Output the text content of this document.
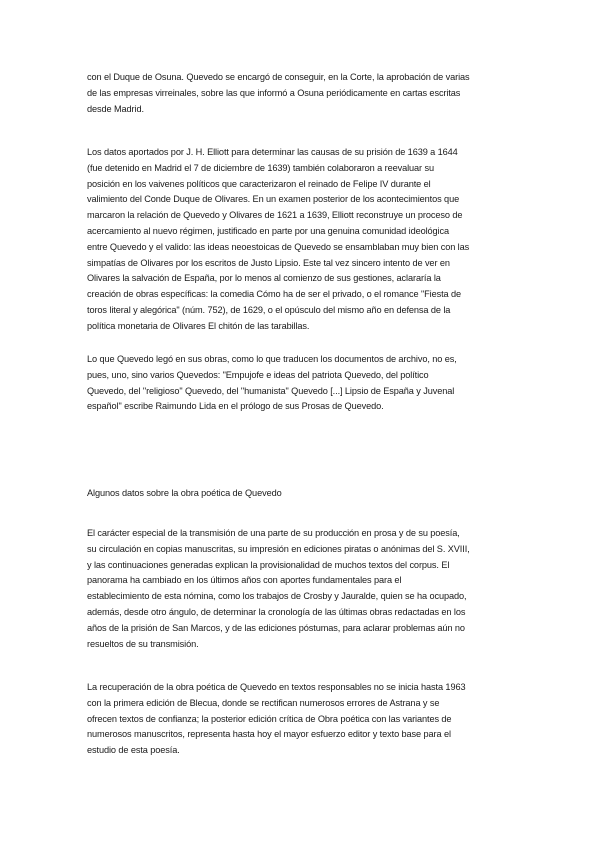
con el Duque de Osuna. Quevedo se encargó de conseguir, en la Corte, la aprobación de varias
de las empresas virreinales, sobre las que informó a Osuna periódicamente en cartas escritas
desde Madrid.

Los datos aportados por J. H. Elliott para determinar las causas de su prisión de 1639 a 1644
(fue detenido en Madrid el 7 de diciembre de 1639) también colaboraron a reevaluar su
posición en los vaivenes políticos que caracterizaron el reinado de Felipe IV durante el
valimiento del Conde Duque de Olivares. En un examen posterior de los acontecimientos que
marcaron la relación de Quevedo y Olivares de 1621 a 1639, Elliott reconstruye un proceso de
acercamiento al nuevo régimen, justificado en parte por una genuina comunidad ideológica
entre Quevedo y el valido: las ideas neoestoicas de Quevedo se ensamblaban muy bien con las
simpatías de Olivares por los escritos de Justo Lipsio. Este tal vez sincero intento de ver en
Olivares la salvación de España, por lo menos al comienzo de sus gestiones, aclararía la
creación de obras específicas: la comedia Cómo ha de ser el privado, o el romance "Fiesta de
toros literal y alegórica" (núm. 752), de 1629, o el opúsculo del mismo año en defensa de la
política monetaria de Olivares El chitón de las tarabillas.

Lo que Quevedo legó en sus obras, como lo que traducen los documentos de archivo, no es,
pues, uno, sino varios Quevedos: "Empujofe e ideas del patriota Quevedo, del político
Quevedo, del "religioso" Quevedo, del "humanista" Quevedo [...] Lipsio de España y Juvenal
español" escribe Raimundo Lida en el prólogo de sus Prosas de Quevedo.

Algunos datos sobre la obra poética de Quevedo

El carácter especial de la transmisión de una parte de su producción en prosa y de su poesía,
su circulación en copias manuscritas, su impresión en ediciones piratas o anónimas del S. XVIII,
y las continuaciones generadas explican la provisionalidad de muchos textos del corpus. El
panorama ha cambiado en los últimos años con aportes fundamentales para el
establecimiento de esta nómina, como los trabajos de Crosby y Jauralde, quien se ha ocupado,
además, desde otro ángulo, de determinar la cronología de las últimas obras redactadas en los
años de la prisión de San Marcos, y de las ediciones póstumas, para aclarar problemas aún no
resueltos de su transmisión.

La recuperación de la obra poética de Quevedo en textos responsables no se inicia hasta 1963
con la primera edición de Blecua, donde se rectifican numerosos errores de Astrana y se
ofrecen textos de confianza; la posterior edición crítica de Obra poética con las variantes de
numerosos manuscritos, representa hasta hoy el mayor esfuerzo editor y texto base para el
estudio de esta poesía.
